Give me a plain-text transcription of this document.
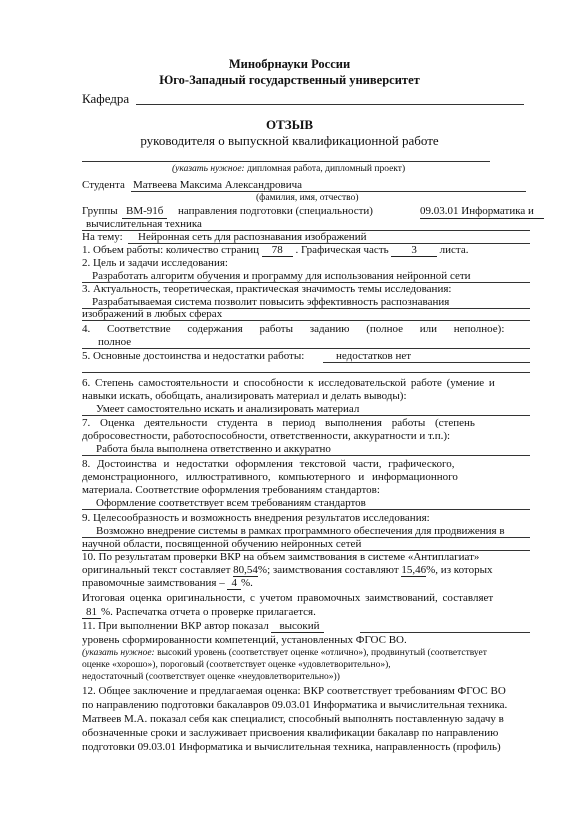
Минобрнауки России
Юго-Западный государственный университет
Кафедра
ОТЗЫВ
руководителя о выпускной квалификационной работе
(указать нужное: дипломная работа, дипломный проект)
Студента Матвеева Максима Александровича
(фамилия, имя, отчество)
Группы ВМ-91б	направления подготовки (специальности)	09.03.01 Информатика и
вычислительная техника
На тему: Нейронная сеть для распознавания изображений
1. Объем работы: количество страниц 78 . Графическая часть 3 листа.
2. Цель и задачи исследования:
Разработать алгоритм обучения и программу для использования нейронной сети
3. Актуальность, теоретическая, практическая значимость темы исследования:
Разрабатываемая система позволит повысить эффективность распознавания
изображений в любых сферах
4. Соответствие содержания работы заданию (полное или неполное):
полное
5. Основные достоинства и недостатки работы:	недостатков нет
6. Степень самостоятельности и способности к исследовательской работе (умение и
навыки искать, обобщать, анализировать материал и делать выводы):
Умеет самостоятельно искать и анализировать материал
7. Оценка деятельности студента в период выполнения работы (степень
добросовестности, работоспособности, ответственности, аккуратности и т.п.):
Работа была выполнена ответственно и аккуратно
8. Достоинства и недостатки оформления текстовой части, графического,
демонстрационного, иллюстративного, компьютерного и информационного
материала. Соответствие оформления требованиям стандартов:
Оформление соответствует всем требованиям стандартов
9. Целесообразность и возможность внедрения результатов исследования:
Возможно внедрение системы в рамках программного обеспечения для продвижения в
научной области, посвященной обучению нейронных сетей
10. По результатам проверки ВКР на объем заимствования в системе «Антиплагиат»
оригинальный текст составляет 80,54%; заимствования составляют 15,46%, из которых
правомочные заимствования – 4 %.
Итоговая оценка оригинальности, с учетом правомочных заимствований, составляет
81 %. Распечатка отчета о проверке прилагается.
11. При выполнении ВКР автор показал высокий
уровень сформированности компетенций, установленных ФГОС ВО.
(указать нужное: высокий уровень (соответствует оценке «отлично»), продвинутый (соответствует
оценке «хорошо»), пороговый (соответствует оценке «удовлетворительно»),
недостаточный (соответствует оценке «неудовлетворительно»))
12. Общее заключение и предлагаемая оценка: ВКР соответствует требованиям ФГОС ВО
по направлению подготовки бакалавров 09.03.01 Информатика и вычислительная техника.
Матвеев М.А. показал себя как специалист, способный выполнять поставленную задачу в
обозначенные сроки и заслуживает присвоения квалификации бакалавр по направлению
подготовки 09.03.01 Информатика и вычислительная техника, направленность (профиль)
